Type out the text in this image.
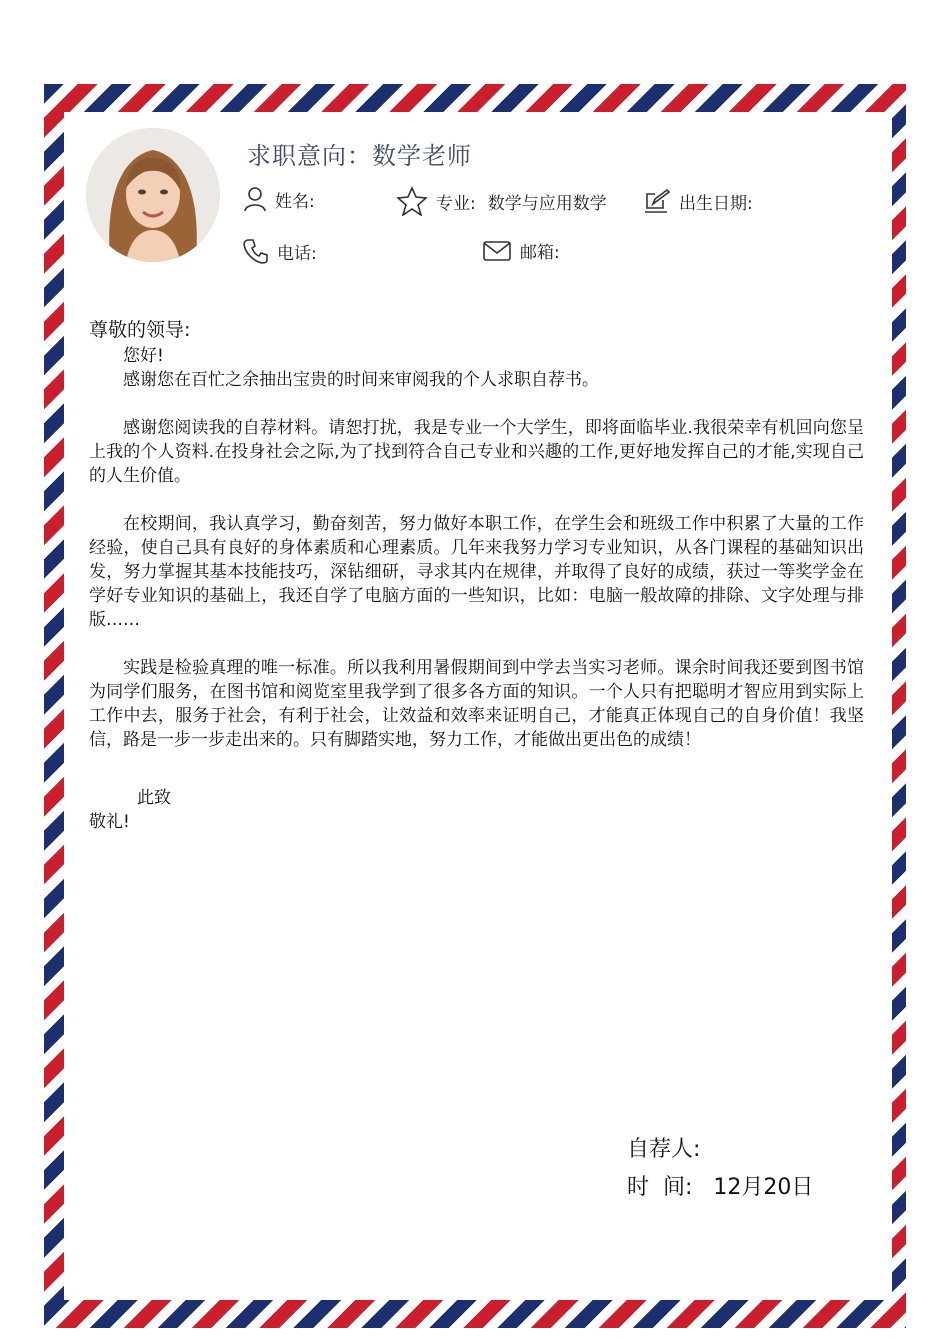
求职意向：数学老师
姓名:	专业: 数学与应用数学	出生日期:
电话:	邮箱:
尊敬的领导:

您好!

感谢您在百忙之余抽出宝贵的时间来审阅我的个人求职自荐书。

感谢您阅读我的自荐材料。请恕打扰，我是专业一个大学生，即将面临毕业.我很荣幸有机回向您呈上我的个人资料.在投身社会之际,为了找到符合自己专业和兴趣的工作,更好地发挥自己的才能,实现自己的人生价值。

在校期间，我认真学习，勤奋刻苦，努力做好本职工作，在学生会和班级工作中积累了大量的工作经验，使自己具有良好的身体素质和心理素质。几年来我努力学习专业知识，从各门课程的基础知识出发，努力掌握其基本技能技巧，深钻细研，寻求其内在规律，并取得了良好的成绩，获过一等奖学金在学好专业知识的基础上，我还自学了电脑方面的一些知识，比如：电脑一般故障的排除、文字处理与排版……

实践是检验真理的唯一标准。所以我利用暑假期间到中学去当实习老师。课余时间我还要到图书馆为同学们服务，在图书馆和阅览室里我学到了很多各方面的知识。一个人只有把聪明才智应用到实际上工作中去，服务于社会，有利于社会，让效益和效率来证明自己，才能真正体现自己的自身价值！我坚信，路是一步一步走出来的。只有脚踏实地，努力工作，才能做出更出色的成绩！

此致
敬礼!
自荐人:
时  间: 12月20日
